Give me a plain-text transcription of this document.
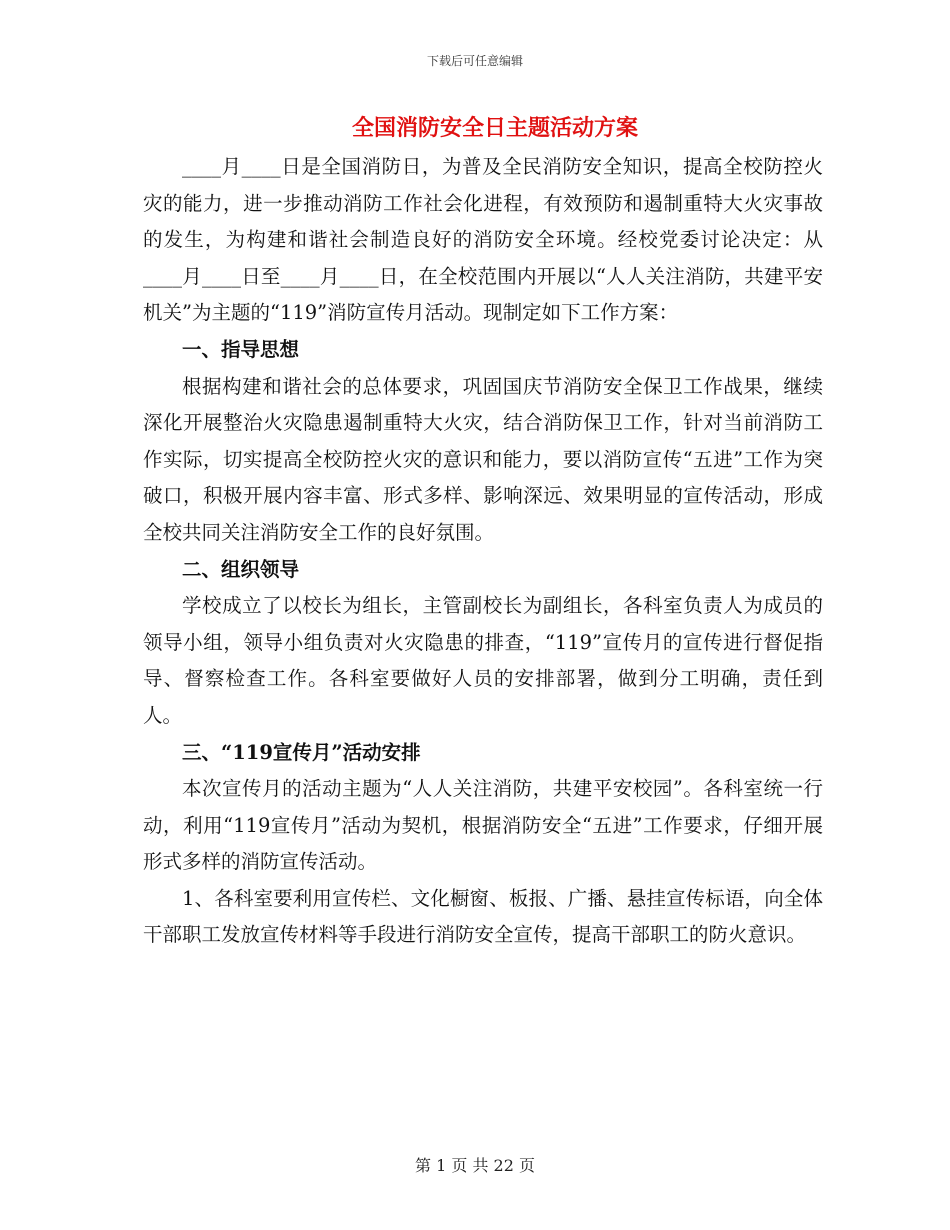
下载后可任意编辑
全国消防安全日主题活动方案

____月____日是全国消防日，为普及全民消防安全知识，提高全校防控火灾的能力，进一步推动消防工作社会化进程，有效预防和遏制重特大火灾事故的发生，为构建和谐社会制造良好的消防安全环境。经校党委讨论决定：从____月____日至____月____日，在全校范围内开展以“人人关注消防，共建平安机关”为主题的“119”消防宣传月活动。现制定如下工作方案：

一、指导思想

根据构建和谐社会的总体要求，巩固国庆节消防安全保卫工作战果，继续深化开展整治火灾隐患遏制重特大火灾，结合消防保卫工作，针对当前消防工作实际，切实提高全校防控火灾的意识和能力，要以消防宣传“五进”工作为突破口，积极开展内容丰富、形式多样、影响深远、效果明显的宣传活动，形成全校共同关注消防安全工作的良好氛围。

二、组织领导

学校成立了以校长为组长，主管副校长为副组长，各科室负责人为成员的领导小组，领导小组负责对火灾隐患的排查，“119”宣传月的宣传进行督促指导、督察检查工作。各科室要做好人员的安排部署，做到分工明确，责任到人。

三、“119宣传月”活动安排

本次宣传月的活动主题为“人人关注消防，共建平安校园”。各科室统一行动，利用“119宣传月”活动为契机，根据消防安全“五进”工作要求，仔细开展形式多样的消防宣传活动。

1、各科室要利用宣传栏、文化橱窗、板报、广播、悬挂宣传标语，向全体干部职工发放宣传材料等手段进行消防安全宣传，提高干部职工的防火意识。

第 1 页 共 22 页
